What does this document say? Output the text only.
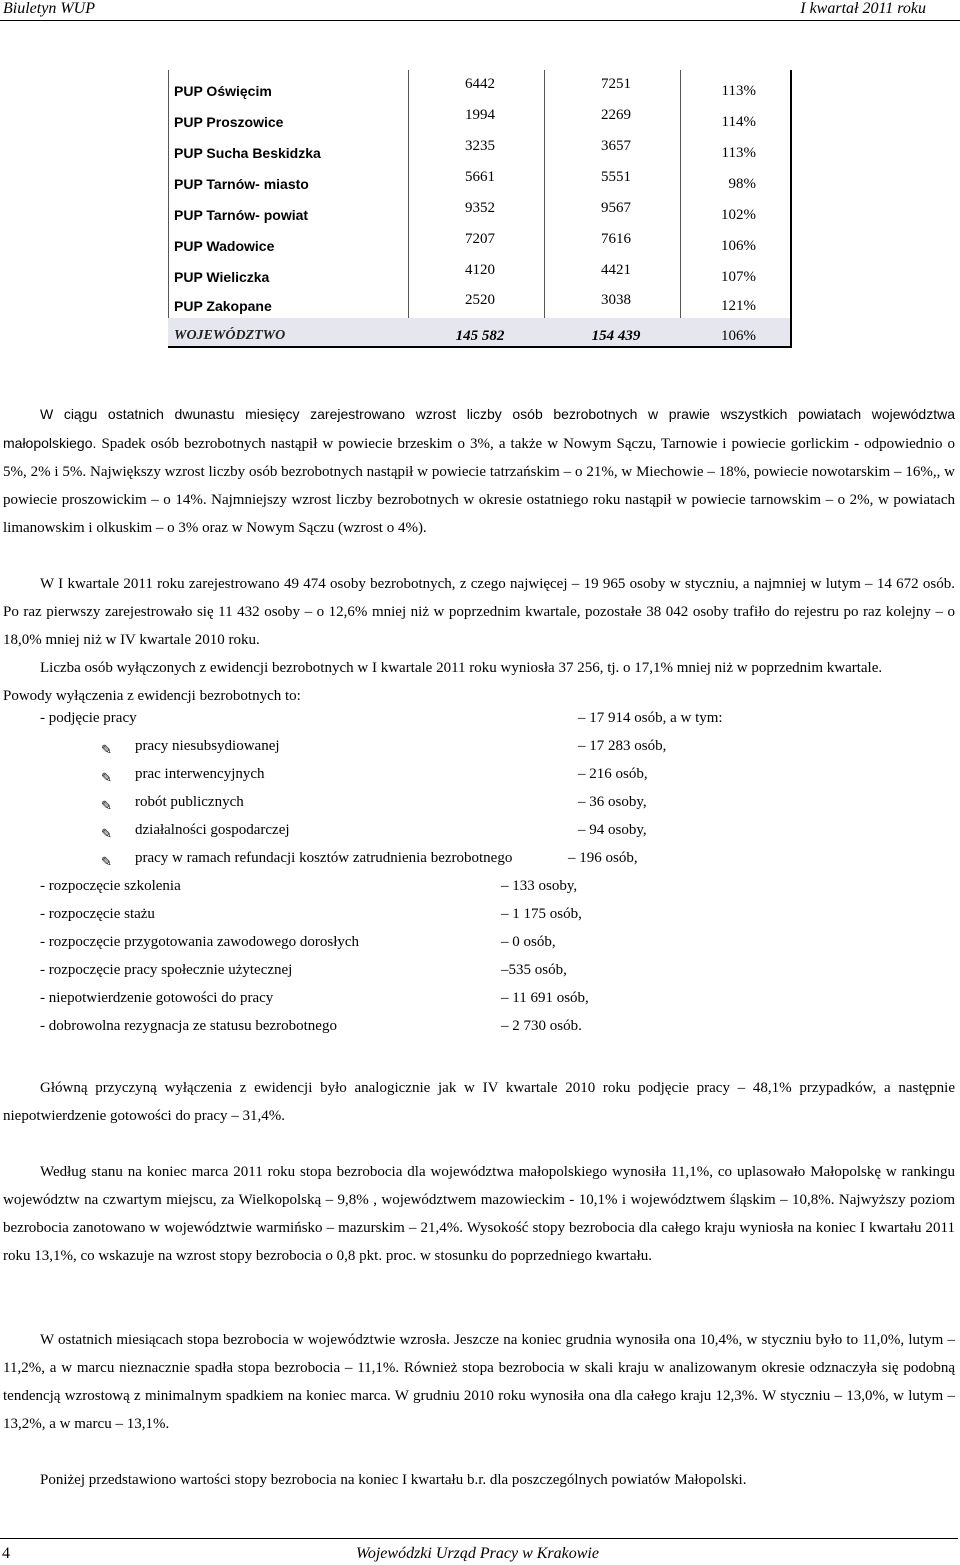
Biuletyn WUP	I kwartał 2011 roku
PUP Oświęcim	6442	7251	113%
PUP Proszowice	1994	2269	114%
PUP Sucha Beskidzka	3235	3657	113%
PUP Tarnów- miasto	5661	5551	98%
PUP Tarnów- powiat	9352	9567	102%
PUP Wadowice	7207	7616	106%
PUP Wieliczka	4120	4421	107%
PUP Zakopane	2520	3038	121%
WOJEWÓDZTWO	145 582	154 439	106%
W ciągu ostatnich dwunastu miesięcy zarejestrowano wzrost liczby osób bezrobotnych w prawie wszystkich powiatach województwa małopolskiego. Spadek osób bezrobotnych nastąpił w powiecie brzeskim o 3%, a także w Nowym Sączu, Tarnowie i powiecie gorlickim - odpowiednio o 5%, 2% i 5%. Największy wzrost liczby osób bezrobotnych nastąpił w powiecie tatrzańskim – o 21%, w Miechowie – 18%, powiecie nowotarskim – 16%,, w powiecie proszowickim – o 14%. Najmniejszy wzrost liczby bezrobotnych w okresie ostatniego roku nastąpił w powiecie tarnowskim – o 2%, w powiatach limanowskim i olkuskim – o 3% oraz w Nowym Sączu (wzrost o 4%).
W I kwartale 2011 roku zarejestrowano 49 474 osoby bezrobotnych, z czego najwięcej – 19 965 osoby w styczniu, a najmniej w lutym – 14 672 osób. Po raz pierwszy zarejestrowało się 11 432 osoby – o 12,6% mniej niż w poprzednim kwartale, pozostałe 38 042 osoby trafiło do rejestru po raz kolejny – o 18,0% mniej niż w IV kwartale 2010 roku.
Liczba osób wyłączonych z ewidencji bezrobotnych w I kwartale 2011 roku wyniosła 37 256, tj. o 17,1% mniej niż w poprzednim kwartale.
Powody wyłączenia z ewidencji bezrobotnych to:
- podjęcie pracy	– 17 914 osób, a w tym:
✎ pracy niesubsydiowanej	– 17 283 osób,
✎ prac interwencyjnych	– 216 osób,
✎ robót publicznych	– 36 osoby,
✎ działalności gospodarczej	– 94 osoby,
✎ pracy w ramach refundacji kosztów zatrudnienia bezrobotnego	– 196 osób,
- rozpoczęcie szkolenia	– 133 osoby,
- rozpoczęcie stażu	– 1 175 osób,
- rozpoczęcie przygotowania zawodowego dorosłych	– 0 osób,
- rozpoczęcie pracy społecznie użytecznej	–535 osób,
- niepotwierdzenie gotowości do pracy	– 11 691 osób,
- dobrowolna rezygnacja ze statusu bezrobotnego	– 2 730 osób.
Główną przyczyną wyłączenia z ewidencji było analogicznie jak w IV kwartale 2010 roku podjęcie pracy – 48,1% przypadków, a następnie niepotwierdzenie gotowości do pracy – 31,4%.
Według stanu na koniec marca 2011 roku stopa bezrobocia dla województwa małopolskiego wynosiła 11,1%, co uplasowało Małopolskę w rankingu województw na czwartym miejscu, za Wielkopolską – 9,8% , województwem mazowieckim - 10,1% i województwem śląskim – 10,8%. Najwyższy poziom bezrobocia zanotowano w województwie warmińsko – mazurskim – 21,4%. Wysokość stopy bezrobocia dla całego kraju wyniosła na koniec I kwartału 2011 roku 13,1%, co wskazuje na wzrost stopy bezrobocia o 0,8 pkt. proc. w stosunku do poprzedniego kwartału.
W ostatnich miesiącach stopa bezrobocia w województwie wzrosła. Jeszcze na koniec grudnia wynosiła ona 10,4%, w styczniu było to 11,0%, lutym – 11,2%, a w marcu nieznacznie spadła stopa bezrobocia – 11,1%. Również stopa bezrobocia w skali kraju w analizowanym okresie odznaczyła się podobną tendencją wzrostową z minimalnym spadkiem na koniec marca. W grudniu 2010 roku wynosiła ona dla całego kraju 12,3%. W styczniu – 13,0%, w lutym – 13,2%, a w marcu – 13,1%.
Poniżej przedstawiono wartości stopy bezrobocia na koniec I kwartału b.r. dla poszczególnych powiatów Małopolski.
4	Wojewódzki Urząd Pracy w Krakowie
